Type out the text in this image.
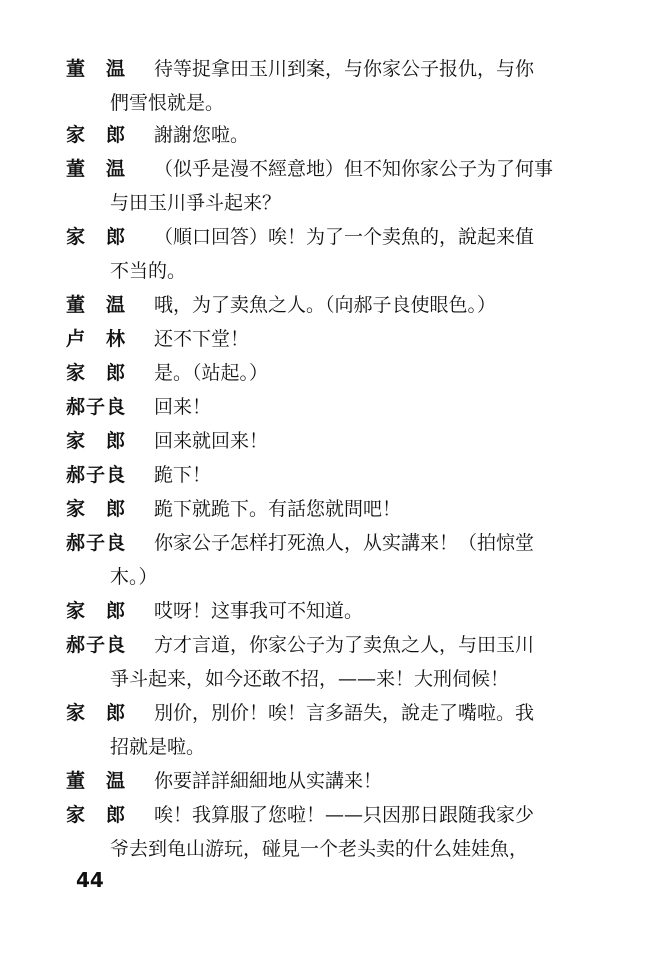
董　温 待等捉拿田玉川到案，与你家公子报仇，与你
們雪恨就是。
家　郎 謝謝您啦。
董　温 （似乎是漫不經意地）但不知你家公子为了何事
与田玉川爭斗起来？
家　郎 （順口回答）唉！为了一个卖魚的，說起来值
不当的。
董　温 哦，为了卖魚之人。（向郝子良使眼色。）
卢　林 还不下堂！
家　郎 是。（站起。）
郝子良 回来！
家　郎 回来就回来！
郝子良 跪下！
家　郎 跪下就跪下。有話您就問吧！
郝子良 你家公子怎样打死漁人，从实講来！（拍惊堂
木。）
家　郎 哎呀！这事我可不知道。
郝子良 方才言道，你家公子为了卖魚之人，与田玉川
爭斗起来，如今还敢不招，——来！大刑伺候！
家　郎 別价，別价！唉！言多語失，說走了嘴啦。我
招就是啦。
董　温 你要詳詳細細地从实講来！
家　郎 唉！我算服了您啦！——只因那日跟随我家少
爷去到龟山游玩，碰見一个老头卖的什么娃娃魚，
44
